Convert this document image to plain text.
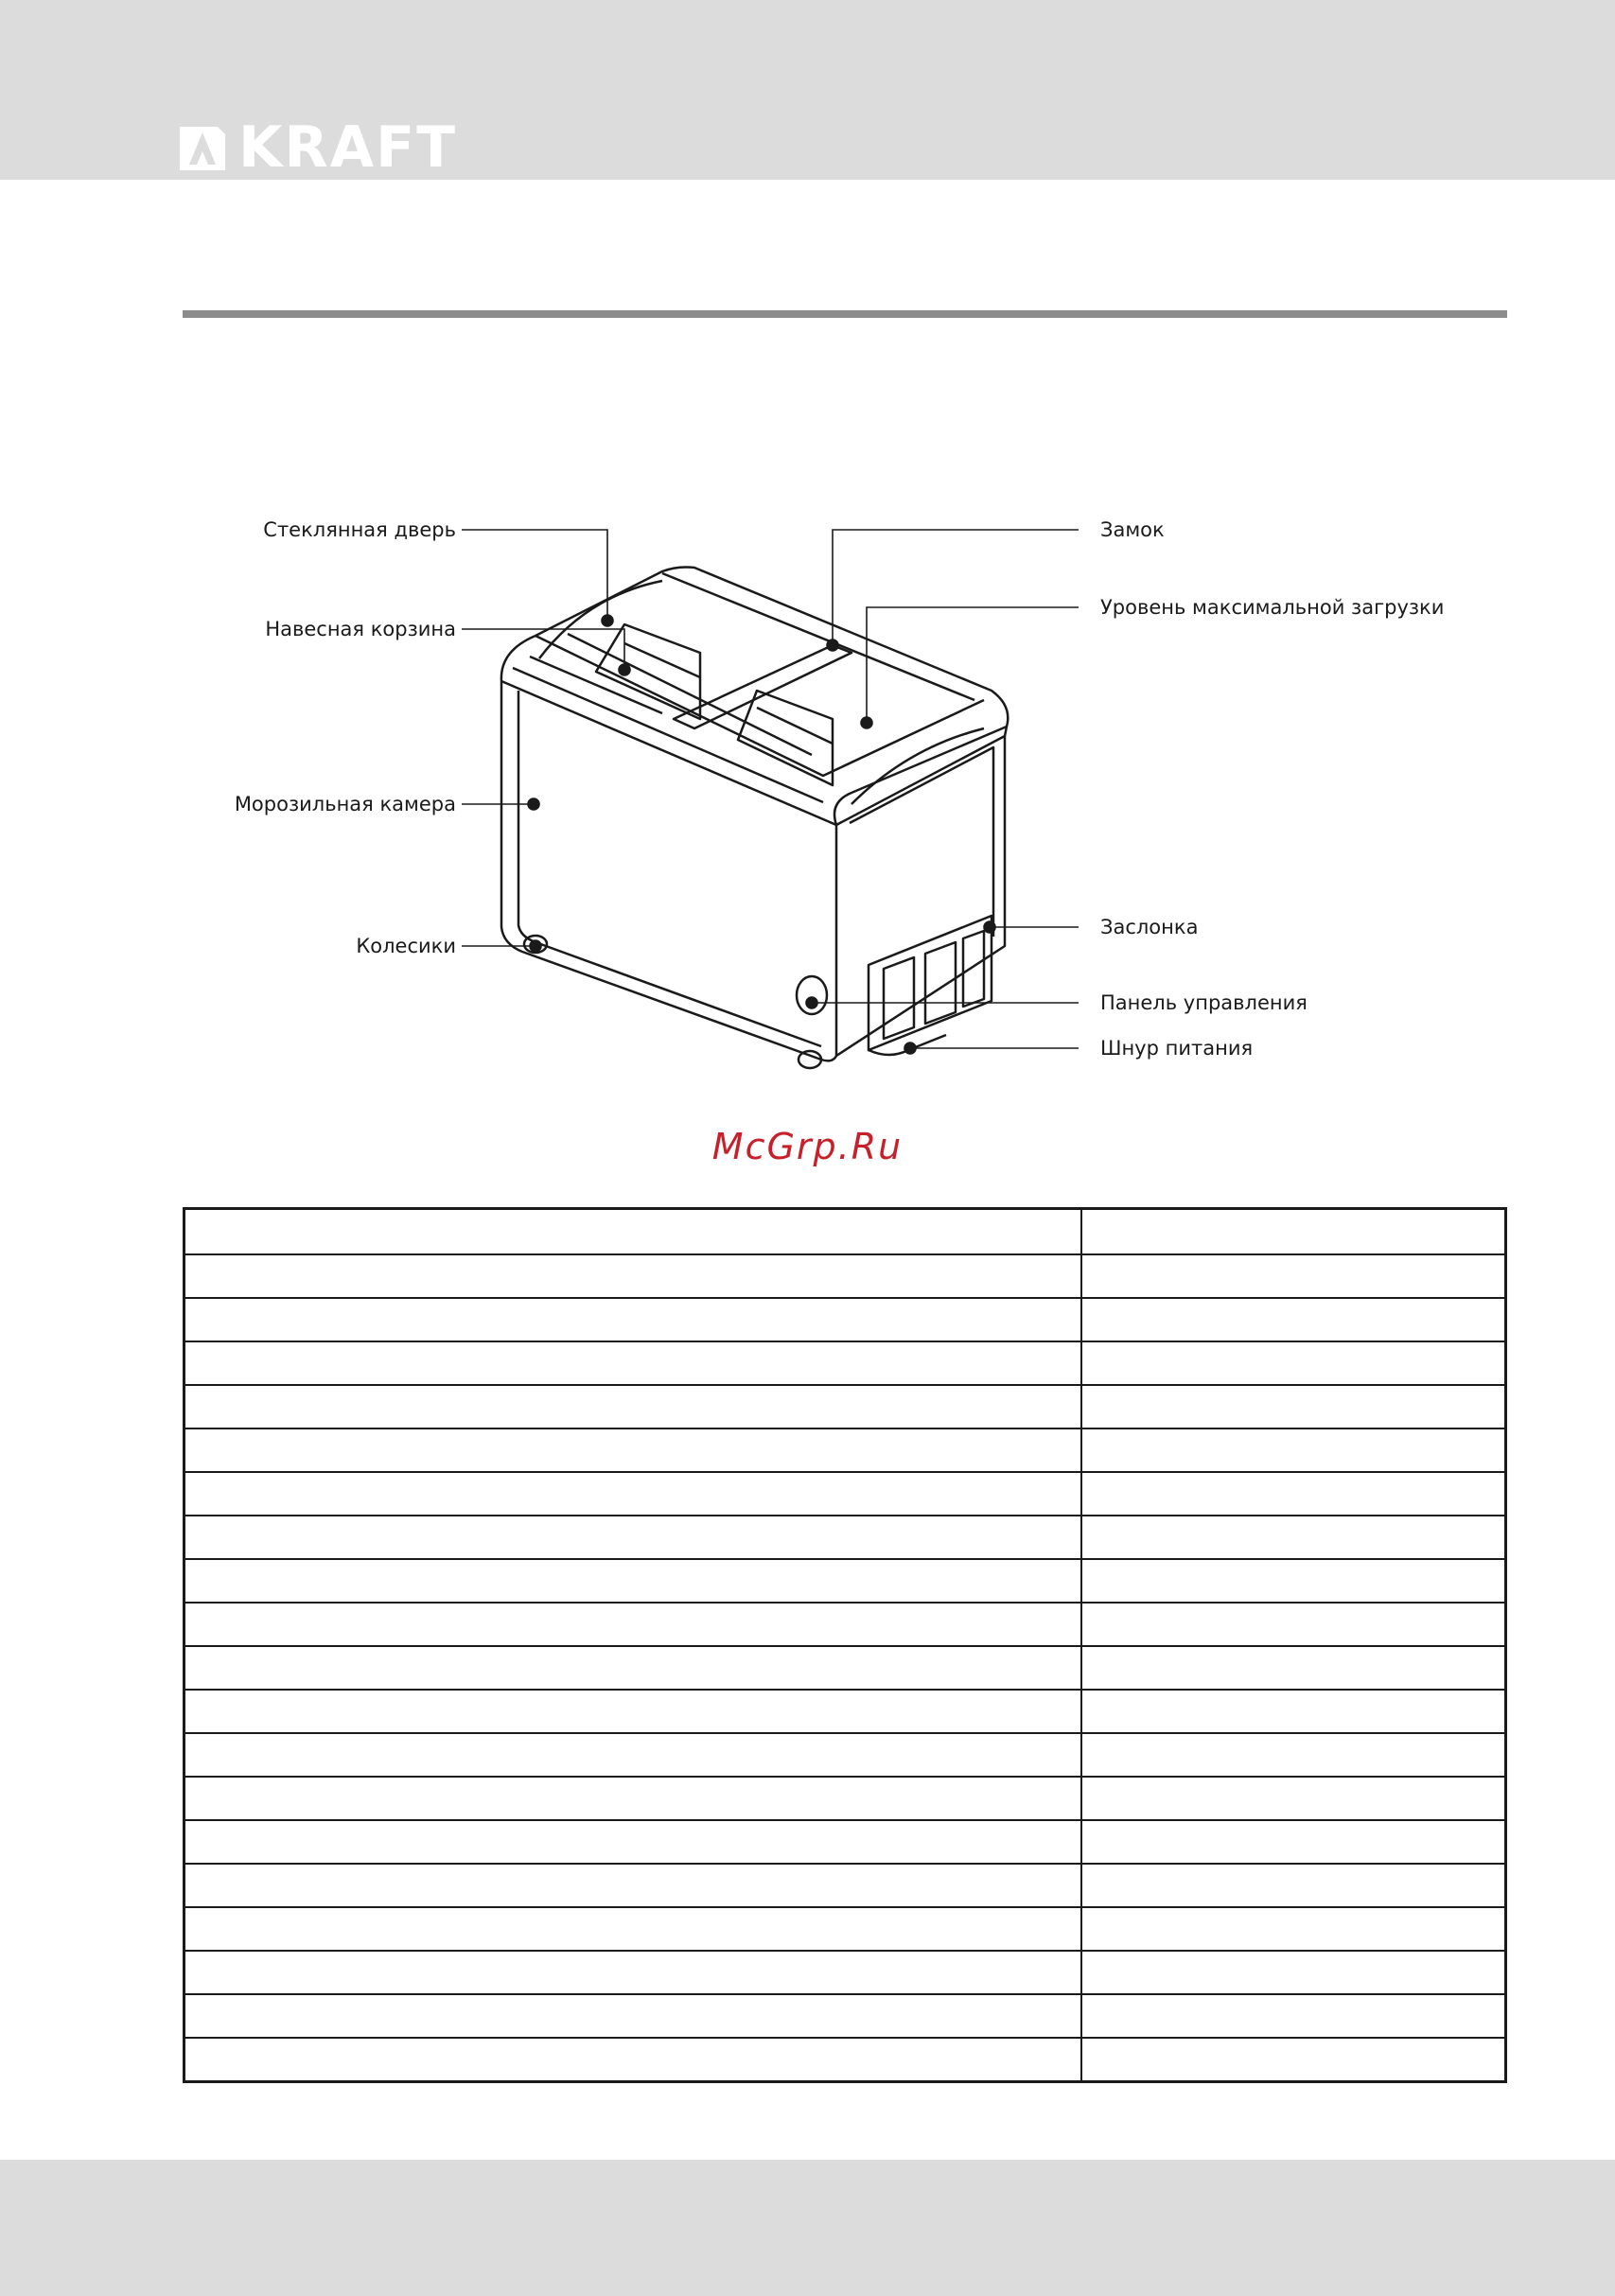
KRAFT
Стеклянная дверь
Навесная корзина
Морозильная камера
Колесики
Замок
Уровень максимальной загрузки
Заслонка
Панель управления
Шнур питания
McGrp.Ru
